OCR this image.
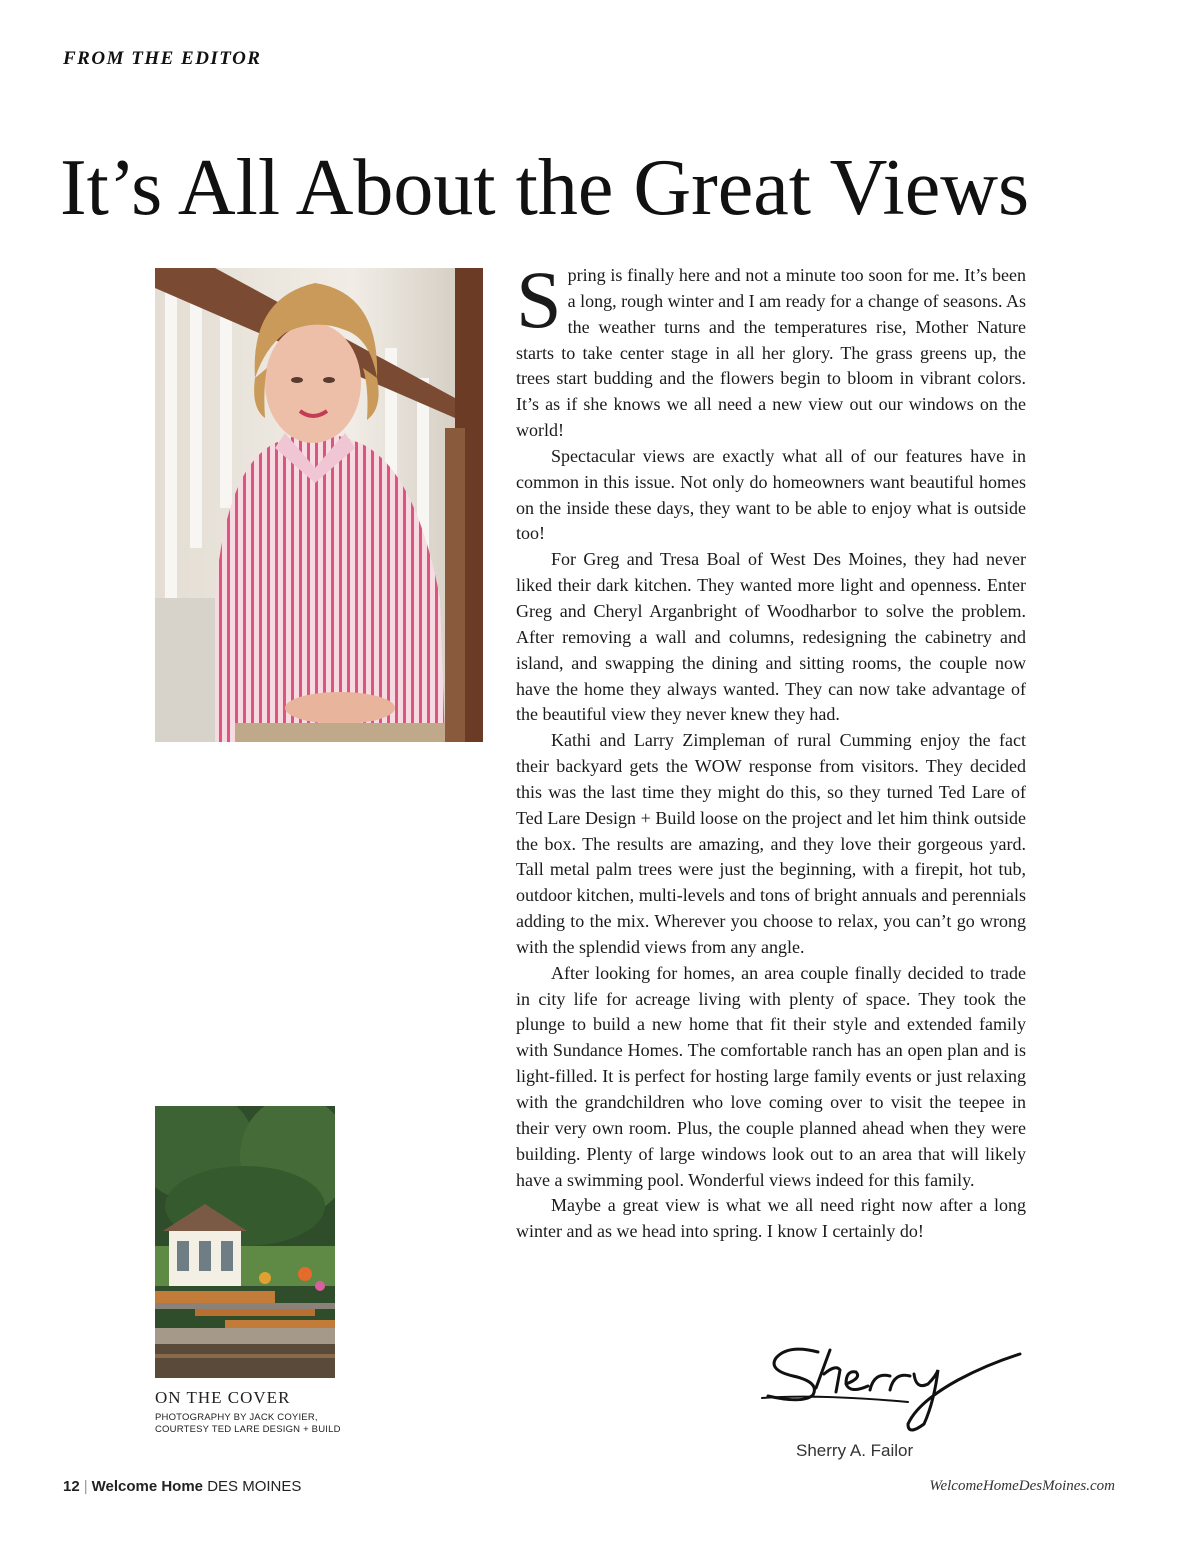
FROM THE EDITOR
It’s All About the Great Views
ON THE COVER
PHOTOGRAPHY BY JACK COYIER,
COURTESY TED LARE DESIGN + BUILD

Spring is finally here and not a minute too soon for me. It’s been a long, rough winter and I am ready for a change of seasons. As the weather turns and the temperatures rise, Mother Nature starts to take center stage in all her glory. The grass greens up, the trees start budding and the flowers begin to bloom in vibrant colors. It’s as if she knows we all need a new view out our windows on the world!

Spectacular views are exactly what all of our features have in common in this issue. Not only do homeowners want beautiful homes on the inside these days, they want to be able to enjoy what is outside too!

For Greg and Tresa Boal of West Des Moines, they had never liked their dark kitchen. They wanted more light and openness. Enter Greg and Cheryl Arganbright of Woodharbor to solve the problem. After removing a wall and columns, redesigning the cabinetry and island, and swapping the dining and sitting rooms, the couple now have the home they always wanted. They can now take advantage of the beautiful view they never knew they had.

Kathi and Larry Zimpleman of rural Cumming enjoy the fact their backyard gets the WOW response from visitors. They decided this was the last time they might do this, so they turned Ted Lare of Ted Lare Design + Build loose on the project and let him think outside the box. The results are amazing, and they love their gorgeous yard. Tall metal palm trees were just the beginning, with a firepit, hot tub, outdoor kitchen, multi-levels and tons of bright annuals and perennials adding to the mix. Wherever you choose to relax, you can’t go wrong with the splendid views from any angle.

After looking for homes, an area couple finally decided to trade in city life for acreage living with plenty of space. They took the plunge to build a new home that fit their style and extended family with Sundance Homes. The comfortable ranch has an open plan and is light-filled. It is perfect for hosting large family events or just relaxing with the grandchildren who love coming over to visit the teepee in their very own room. Plus, the couple planned ahead when they were building. Plenty of large windows look out to an area that will likely have a swimming pool. Wonderful views indeed for this family.

Maybe a great view is what we all need right now after a long winter and as we head into spring. I know I certainly do!

Sherry A. Failor
12 | Welcome Home DES MOINES	WelcomeHomeDesMoines.com
